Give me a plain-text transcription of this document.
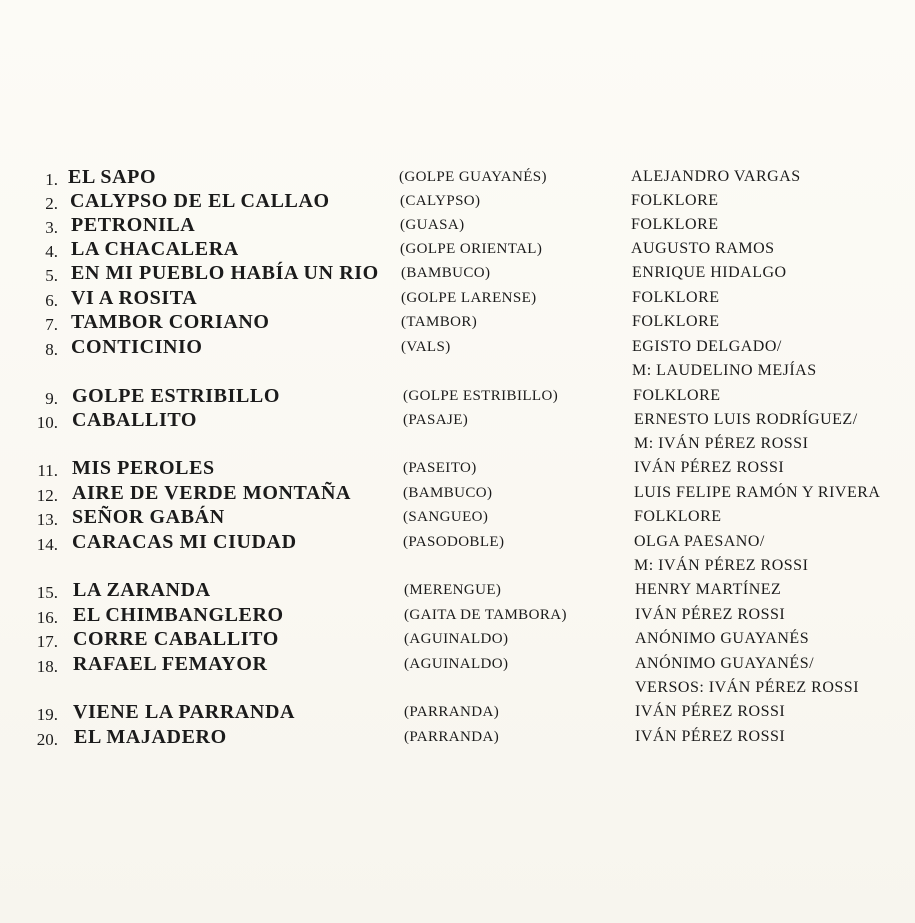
1. EL SAPO	(GOLPE GUAYANÉS)	ALEJANDRO VARGAS
2. CALYPSO DE EL CALLAO	(CALYPSO)	FOLKLORE
3. PETRONILA	(GUASA)	FOLKLORE
4. LA CHACALERA	(GOLPE ORIENTAL)	AUGUSTO RAMOS
5. EN MI PUEBLO HABÍA UN RIO (BAMBUCO)	ENRIQUE HIDALGO
6. VI A ROSITA	(GOLPE LARENSE)	FOLKLORE
7. TAMBOR CORIANO	(TAMBOR)	FOLKLORE
8. CONTICINIO	(VALS)	EGISTO DELGADO/
M: LAUDELINO MEJÍAS
9. GOLPE ESTRIBILLO	(GOLPE ESTRIBILLO)	FOLKLORE
10. CABALLITO	(PASAJE)	ERNESTO LUIS RODRÍGUEZ/
M: IVÁN PÉREZ ROSSI
11. MIS PEROLES	(PASEITO)	IVÁN PÉREZ ROSSI
12. AIRE DE VERDE MONTAÑA	(BAMBUCO)	LUIS FELIPE RAMÓN Y RIVERA
13. SEÑOR GABÁN	(SANGUEO)	FOLKLORE
14. CARACAS MI CIUDAD	(PASODOBLE)	OLGA PAESANO/
M: IVÁN PÉREZ ROSSI
15. LA ZARANDA	(MERENGUE)	HENRY MARTÍNEZ
16. EL CHIMBANGLERO	(GAITA DE TAMBORA)	IVÁN PÉREZ ROSSI
17. CORRE CABALLITO	(AGUINALDO)	ANÓNIMO GUAYANÉS
18. RAFAEL FEMAYOR	(AGUINALDO)	ANÓNIMO GUAYANÉS/
VERSOS: IVÁN PÉREZ ROSSI
19. VIENE LA PARRANDA	(PARRANDA)	IVÁN PÉREZ ROSSI
20. EL MAJADERO	(PARRANDA)	IVÁN PÉREZ ROSSI
